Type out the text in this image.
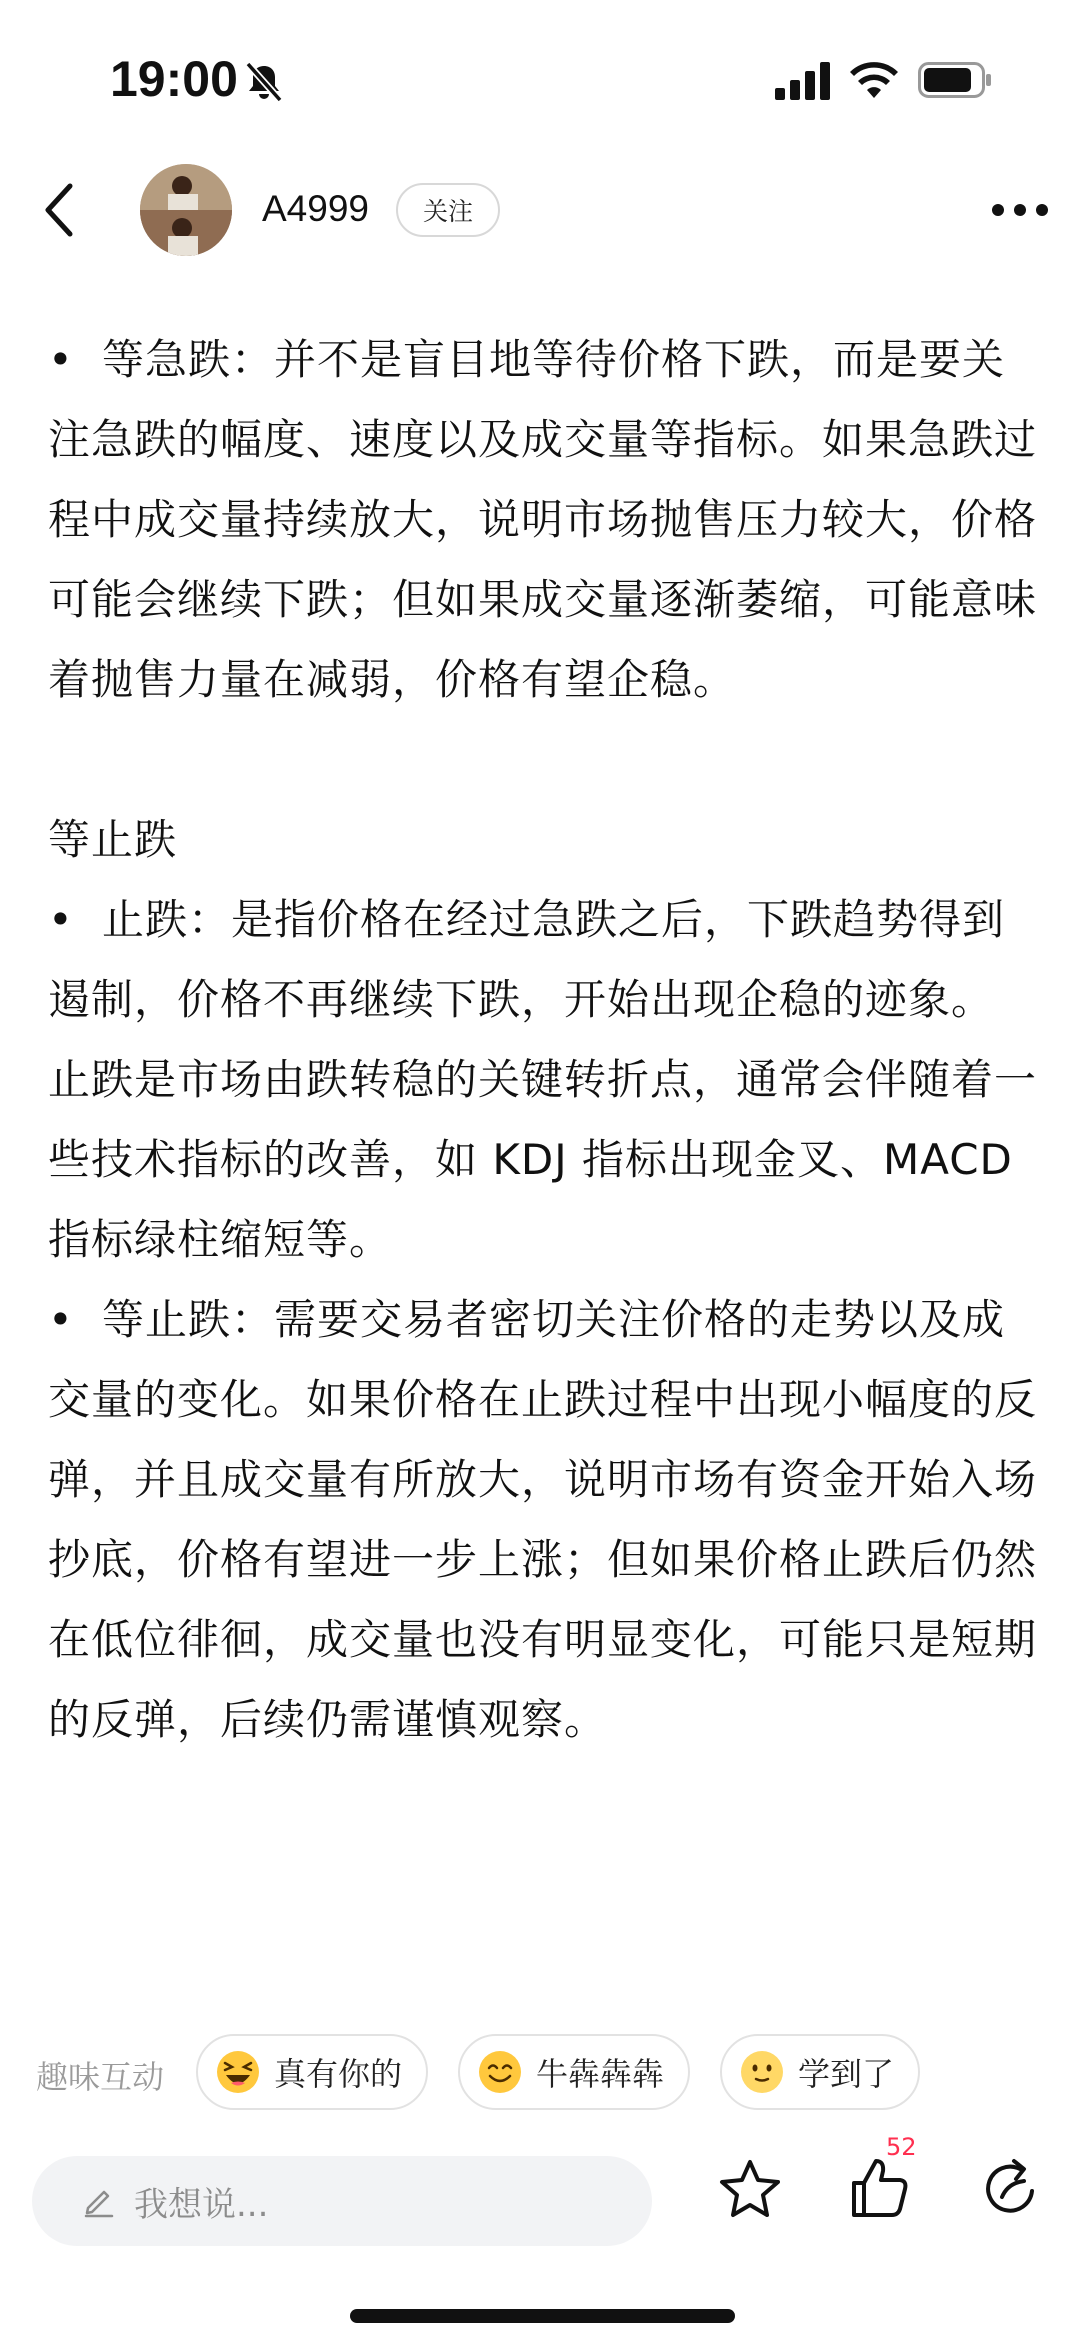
19:00
A4999	关注

• 等急跌：并不是盲目地等待价格下跌，而是要关注急跌的幅度、速度以及成交量等指标。如果急跌过程中成交量持续放大，说明市场抛售压力较大，价格可能会继续下跌；但如果成交量逐渐萎缩，可能意味着抛售力量在减弱，价格有望企稳。

等止跌

• 止跌：是指价格在经过急跌之后，下跌趋势得到遏制，价格不再继续下跌，开始出现企稳的迹象。

止跌是市场由跌转稳的关键转折点，通常会伴随着一些技术指标的改善，如 KDJ 指标出现金叉、MACD 指标绿柱缩短等。

• 等止跌：需要交易者密切关注价格的走势以及成交量的变化。如果价格在止跌过程中出现小幅度的反弹，并且成交量有所放大，说明市场有资金开始入场抄底，价格有望进一步上涨；但如果价格止跌后仍然在低位徘徊，成交量也没有明显变化，可能只是短期的反弹，后续仍需谨慎观察。

趣味互动	真有你的	牛犇犇犇	学到了
我想说...
52
